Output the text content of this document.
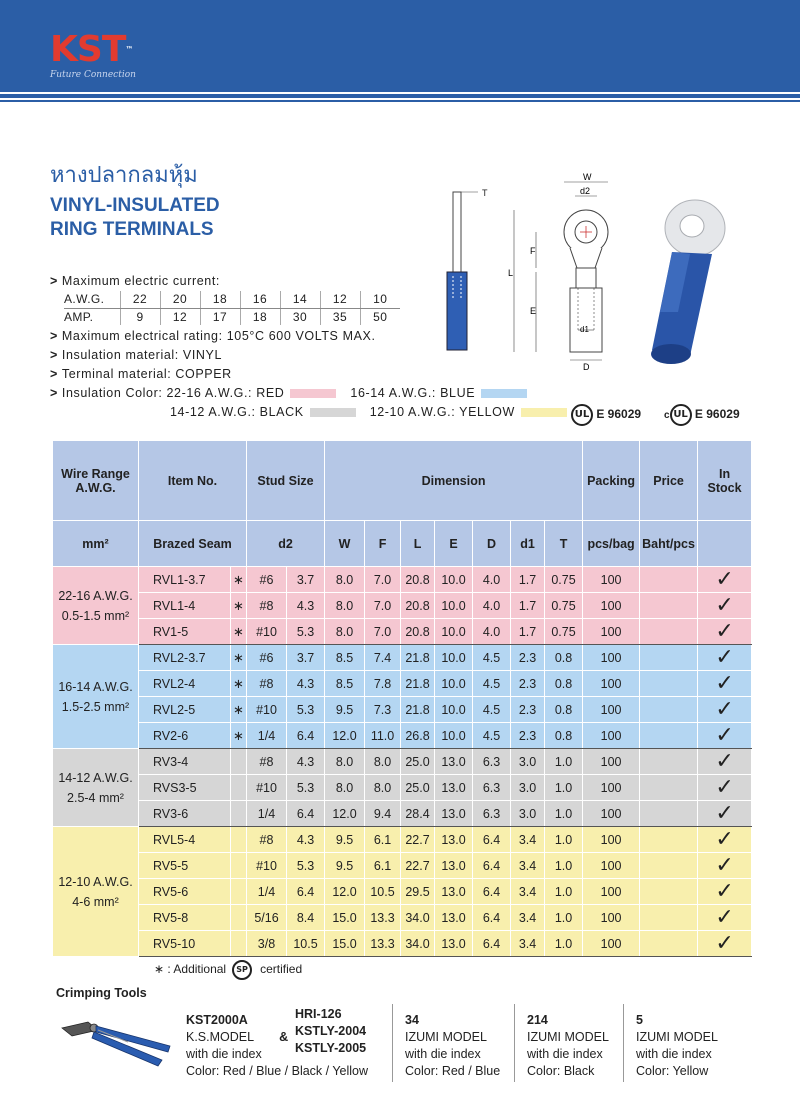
KST™
Future Connection
หางปลากลมหุ้ม
VINYL-INSULATED
RING TERMINALS
> Maximum electric current:
A.W.G.	22	20	18	16	14	12	10
AMP.	9	12	17	18	30	35	50
> Maximum electrical rating: 105°C 600 VOLTS MAX.
> Insulation material: VINYL
> Terminal material: COPPER
> Insulation Color: 22-16 A.W.G.: RED	16-14 A.W.G.: BLUE
14-12 A.W.G.: BLACK	12-10 A.W.G.: YELLOW	UL E 96029 c UL E 96029
T
W
d2
L
F
E
d1
D
Wire Range
A.W.G.	Item No.		Stud Size		Dimension							Packing	Price	In
Stock
mm²	Brazed Seam		d2		W	F	L	E	D	d1	T	pcs/bag	Baht/pcs	

22-16 A.W.G.
0.5-1.5 mm²	RVL1-3.7	∗	#6	3.7	8.0	7.0	20.8	10.0	4.0	1.7	0.75	100		✓
	RVL1-4	∗	#8	4.3	8.0	7.0	20.8	10.0	4.0	1.7	0.75	100		✓
	RV1-5	∗	#10	5.3	8.0	7.0	20.8	10.0	4.0	1.7	0.75	100		✓

16-14 A.W.G.
1.5-2.5 mm²	RVL2-3.7	∗	#6	3.7	8.5	7.4	21.8	10.0	4.5	2.3	0.8	100		✓
	RVL2-4	∗	#8	4.3	8.5	7.8	21.8	10.0	4.5	2.3	0.8	100		✓
	RVL2-5	∗	#10	5.3	9.5	7.3	21.8	10.0	4.5	2.3	0.8	100		✓
	RV2-6	∗	1/4	6.4	12.0	11.0	26.8	10.0	4.5	2.3	0.8	100		✓

14-12 A.W.G.
2.5-4 mm²	RV3-4		#8	4.3	8.0	8.0	25.0	13.0	6.3	3.0	1.0	100		✓
	RVS3-5		#10	5.3	8.0	8.0	25.0	13.0	6.3	3.0	1.0	100		✓
	RV3-6		1/4	6.4	12.0	9.4	28.4	13.0	6.3	3.0	1.0	100		✓

12-10 A.W.G.
4-6 mm²	RVL5-4		#8	4.3	9.5	6.1	22.7	13.0	6.4	3.4	1.0	100		✓
	RV5-5		#10	5.3	9.5	6.1	22.7	13.0	6.4	3.4	1.0	100		✓
	RV5-6		1/4	6.4	12.0	10.5	29.5	13.0	6.4	3.4	1.0	100		✓
	RV5-8		5/16	8.4	15.0	13.3	34.0	13.0	6.4	3.4	1.0	100		✓
	RV5-10		3/8	10.5	15.0	13.3	34.0	13.0	6.4	3.4	1.0	100		✓
∗ : Additional SP certified
Crimping Tools
KST2000A
K.S.MODEL &
with die index
Color: Red / Blue / Black / Yellow
HRI-126
KSTLY-2004
KSTLY-2005
34
IZUMI MODEL
with die index
Color: Red / Blue
214
IZUMI MODEL
with die index
Color: Black
5
IZUMI MODEL
with die index
Color: Yellow
